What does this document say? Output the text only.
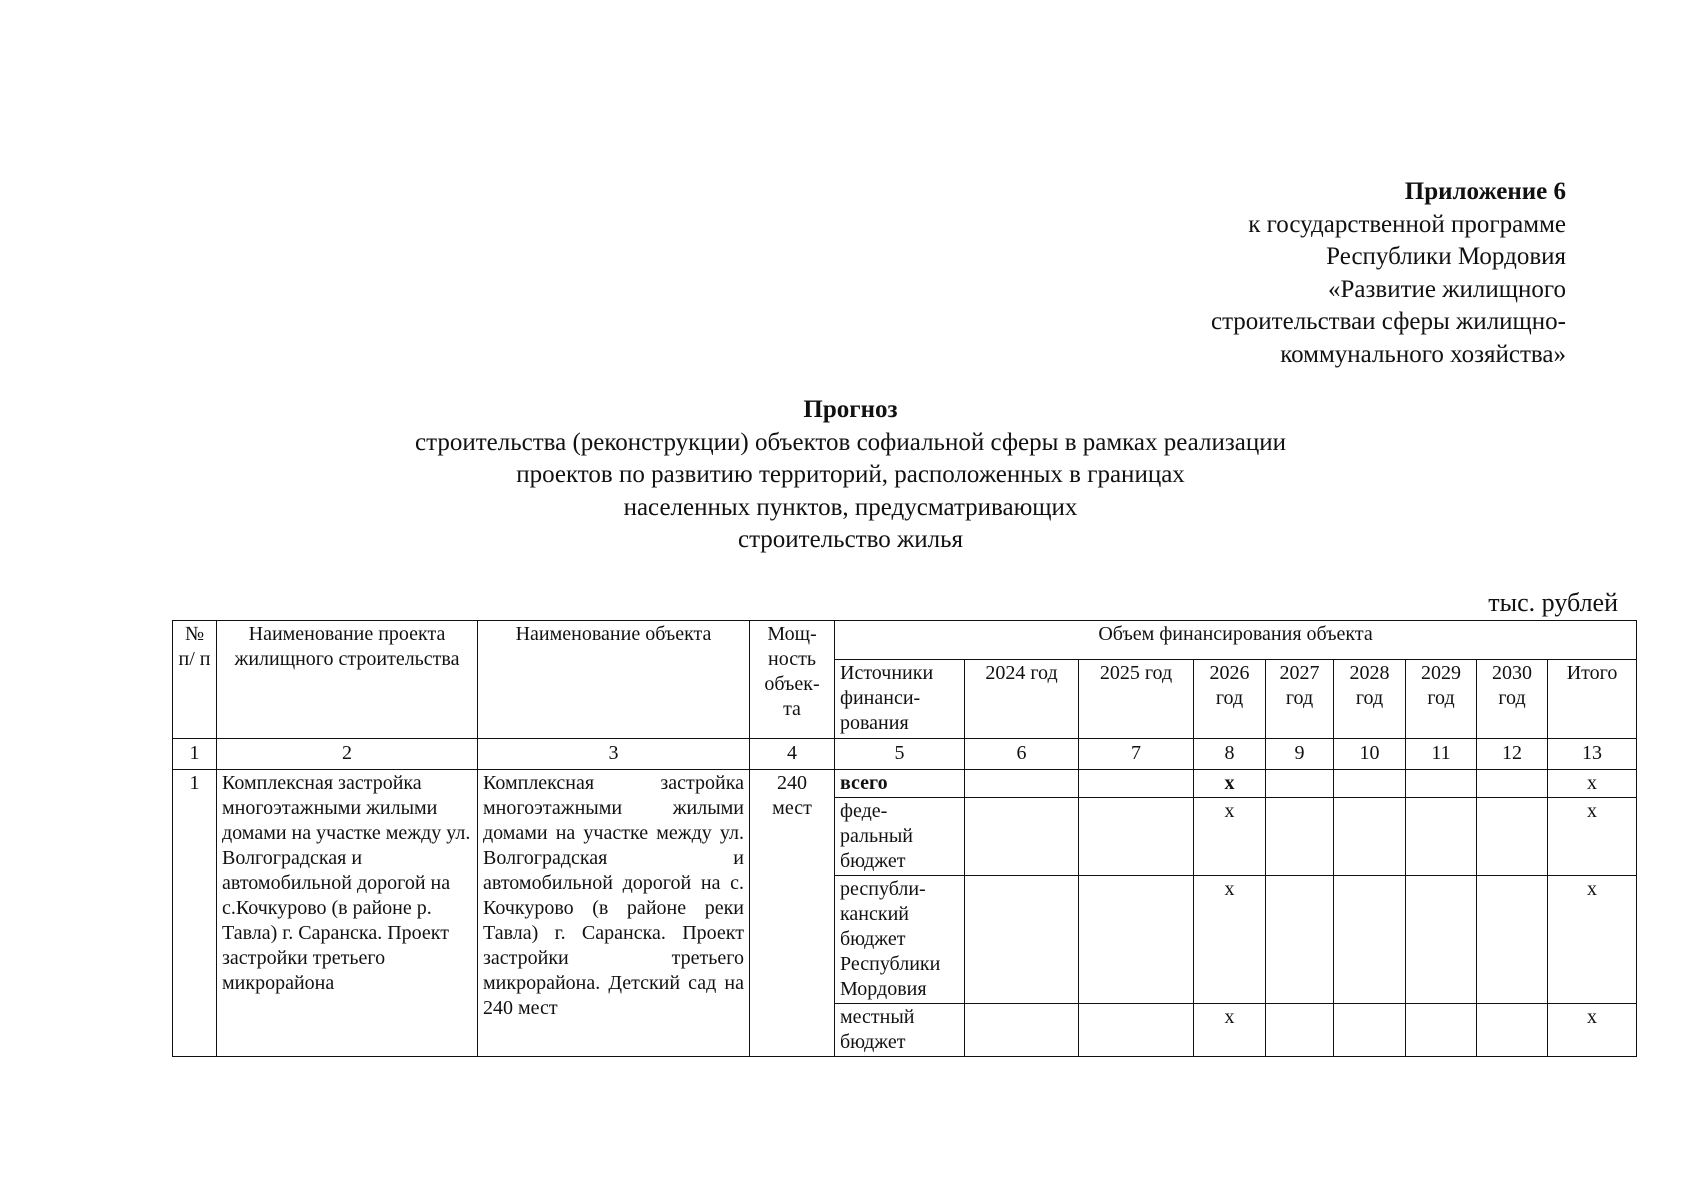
Приложение 6
к государственной программе
Республики Мордовия
«Развитие жилищного
строительстваи сферы жилищно-
коммунального хозяйства»
Прогноз
строительства (реконструкции) объектов софиальной сферы в рамках реализации
проектов по развитию территорий, расположенных в границах
населенных пунктов, предусматривающих
строительство жилья
тыс. рублей
№ п/ п	Наименование проекта жилищного строительства	Наименование объекта	Мощ- ность объек- та	Объем финансирования объекта								
				Источники финанси- рования	2024 год	2025 год	2026 год	2027 год	2028 год	2029 год	2030 год	Итого
1	2	3	4	5	6	7	8	9	10	11	12	13
1	Комплексная застройка многоэтажными жилыми домами на участке между ул. Волгоградская и автомобильной дорогой на с.Кочкурово (в районе р. Тавла) г. Саранска. Проект застройки третьего микрорайона	Комплексная застройка многоэтажными жилыми домами на участке между ул. Волгоградская и автомобильной дорогой на с. Кочкурово (в районе реки Тавла) г. Саранска. Проект застройки третьего микрорайона. Детский сад на 240 мест	240 мест	всего			х					х
				феде- ральный бюджет			х					х
				республи- канский бюджет Республики Мордовия			х					х
				местный бюджет			х					х
